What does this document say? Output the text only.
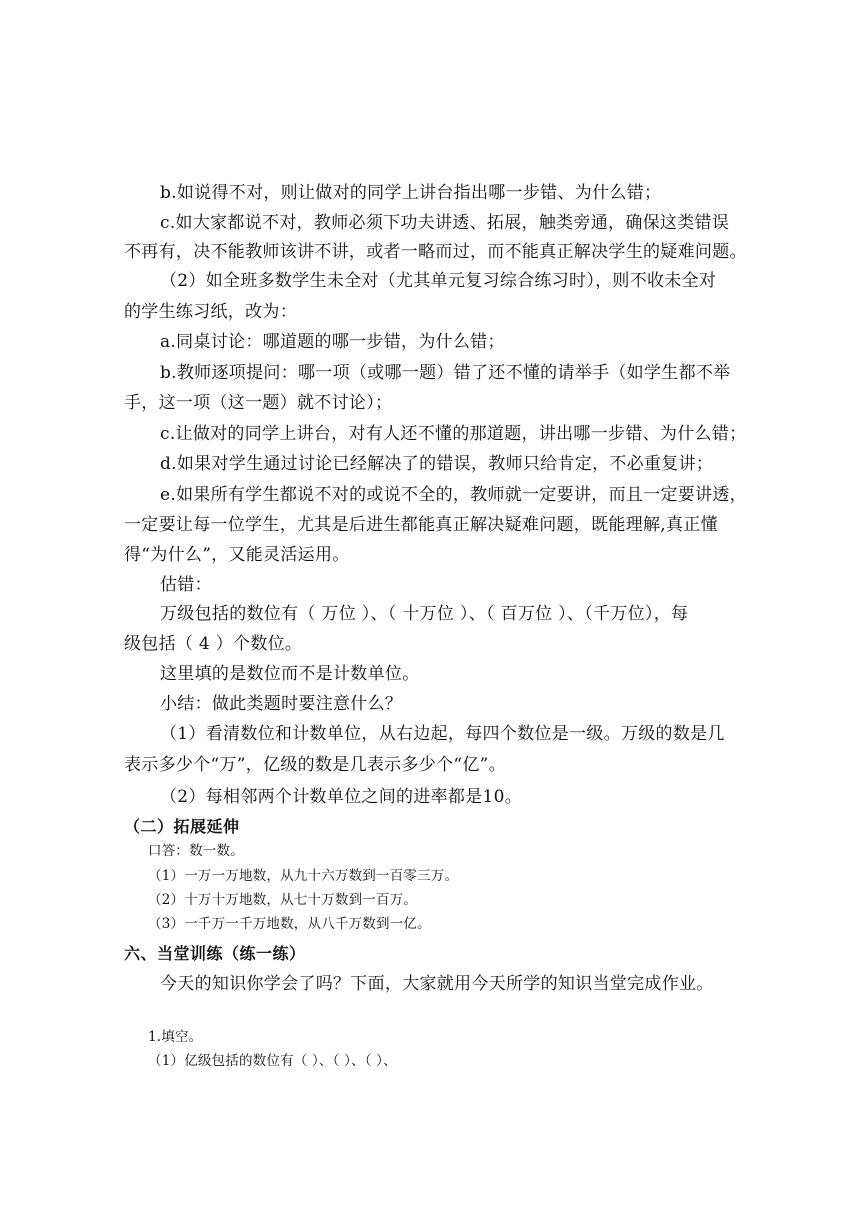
b.如说得不对，则让做对的同学上讲台指出哪一步错、为什么错；

c.如大家都说不对，教师必须下功夫讲透、拓展，触类旁通，确保这类错误

不再有，决不能教师该讲不讲，或者一略而过，而不能真正解决学生的疑难问题。

（2）如全班多数学生未全对（尤其单元复习综合练习时），则不收未全对

的学生练习纸，改为：

a.同桌讨论：哪道题的哪一步错，为什么错；

b.教师逐项提问：哪一项（或哪一题）错了还不懂的请举手（如学生都不举

手，这一项（这一题）就不讨论）；

c.让做对的同学上讲台，对有人还不懂的那道题，讲出哪一步错、为什么错；

d.如果对学生通过讨论已经解决了的错误，教师只给肯定，不必重复讲；

e.如果所有学生都说不对的或说不全的，教师就一定要讲，而且一定要讲透，

一定要让每一位学生，尤其是后进生都能真正解决疑难问题，既能理解,真正懂

得“为什么”，又能灵活运用。

估错：

万级包括的数位有（ 万位 ）、（ 十万位 ）、（ 百万位 ）、（千万位），每

级包括（ 4 ）个数位。

这里填的是数位而不是计数单位。

小结：做此类题时要注意什么？

（1）看清数位和计数单位，从右边起，每四个数位是一级。万级的数是几

表示多少个“万”，亿级的数是几表示多少个“亿”。

（2）每相邻两个计数单位之间的进率都是10。

（二）拓展延伸

口答：数一数。

（1）一万一万地数，从九十六万数到一百零三万。

（2）十万十万地数，从七十万数到一百万。

（3）一千万一千万地数，从八千万数到一亿。

六、当堂训练（练一练）

今天的知识你学会了吗？下面，大家就用今天所学的知识当堂完成作业。

1.填空。

（1）亿级包括的数位有（ ）、（ ）、（ ）、
